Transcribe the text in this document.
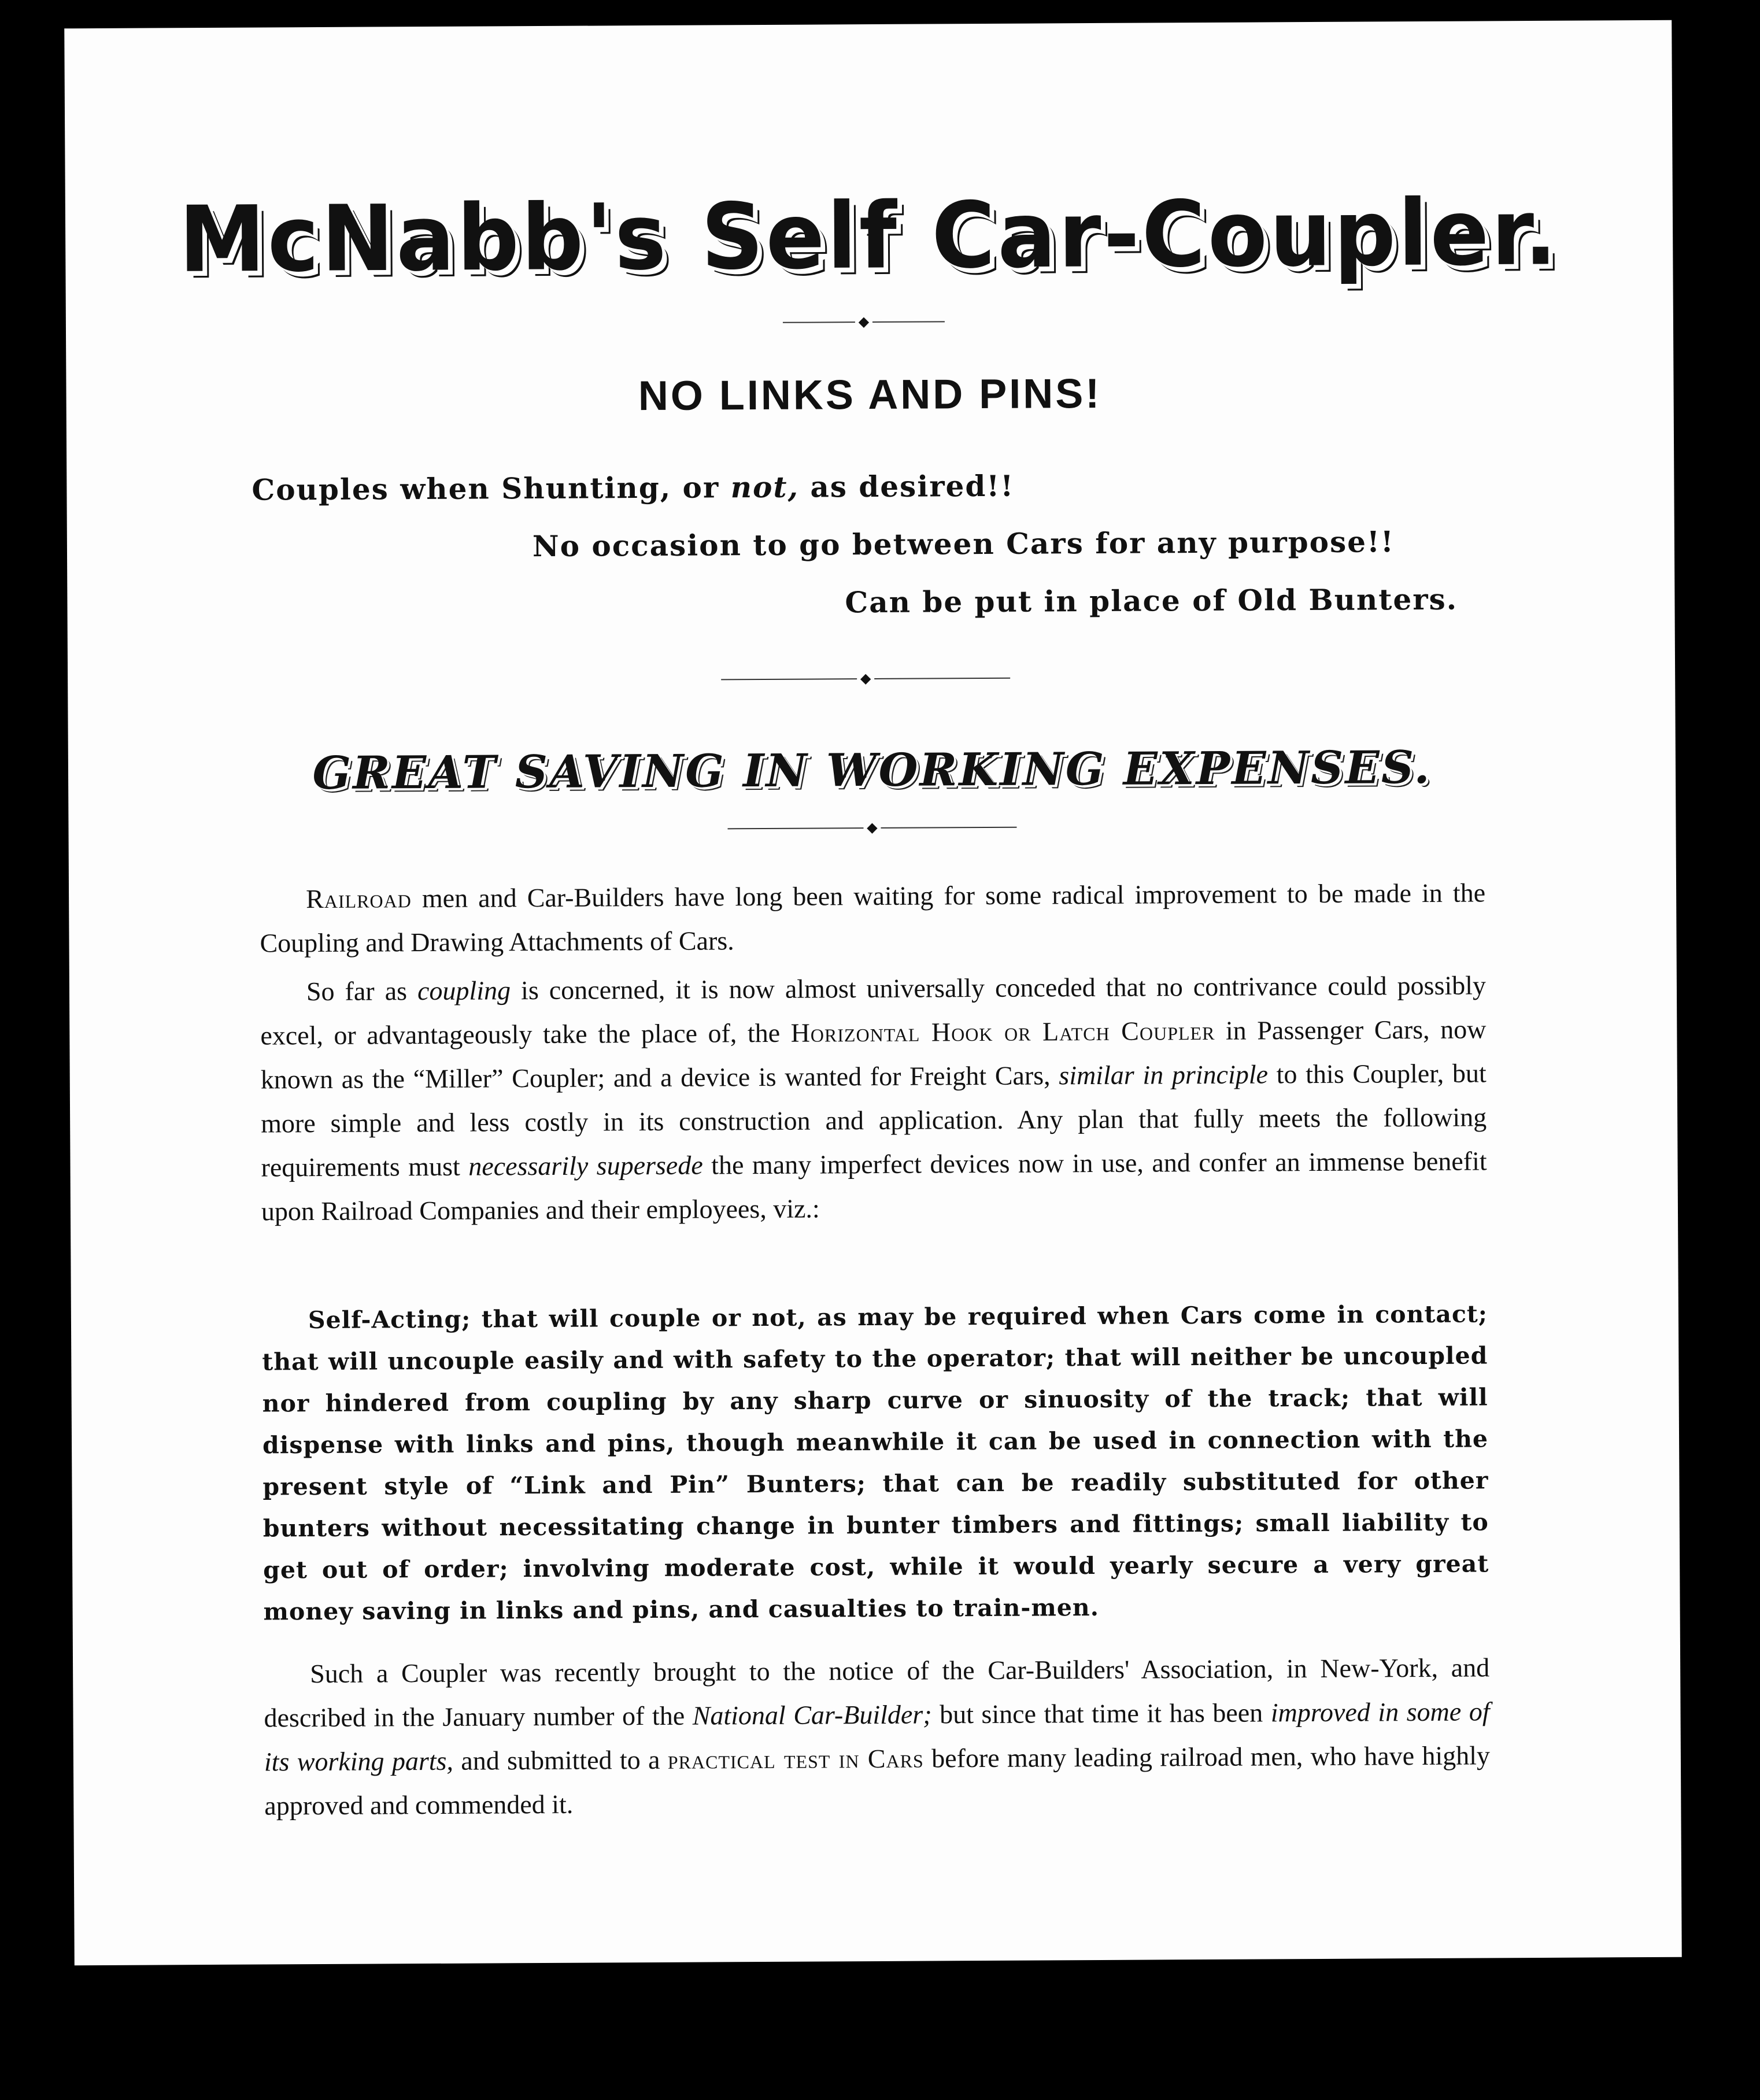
McNabb's Self Car-Coupler.
◆
NO LINKS AND PINS!
Couples when Shunting, or not, as desired!!
No occasion to go between Cars for any purpose!!
Can be put in place of Old Bunters.
◆
GREAT SAVING IN WORKING EXPENSES.
◆
Railroad men and Car-Builders have long been waiting for some radical improvement to be made in the Coupling and Drawing Attachments of Cars.
So far as coupling is concerned, it is now almost universally conceded that no contrivance could possibly excel, or advantageously take the place of, the Horizontal Hook or Latch Coupler in Passenger Cars, now known as the “Miller” Coupler; and a device is wanted for Freight Cars, similar in principle to this Coupler, but more simple and less costly in its construction and application. Any plan that fully meets the following requirements must necessarily supersede the many imperfect devices now in use, and confer an immense benefit upon Railroad Companies and their employees, viz.:
Self-Acting; that will couple or not, as may be required when Cars come in contact; that will uncouple easily and with safety to the operator; that will neither be uncoupled nor hindered from coupling by any sharp curve or sinuosity of the track; that will dispense with links and pins, though meanwhile it can be used in connection with the present style of “Link and Pin” Bunters; that can be readily substituted for other bunters without necessitating change in bunter timbers and fittings; small liability to get out of order; involving moderate cost, while it would yearly secure a very great money saving in links and pins, and casualties to train-men.
Such a Coupler was recently brought to the notice of the Car-Builders' Association, in New-York, and described in the January number of the National Car-Builder; but since that time it has been improved in some of its working parts, and submitted to a practical test in Cars before many leading railroad men, who have highly approved and commended it.
